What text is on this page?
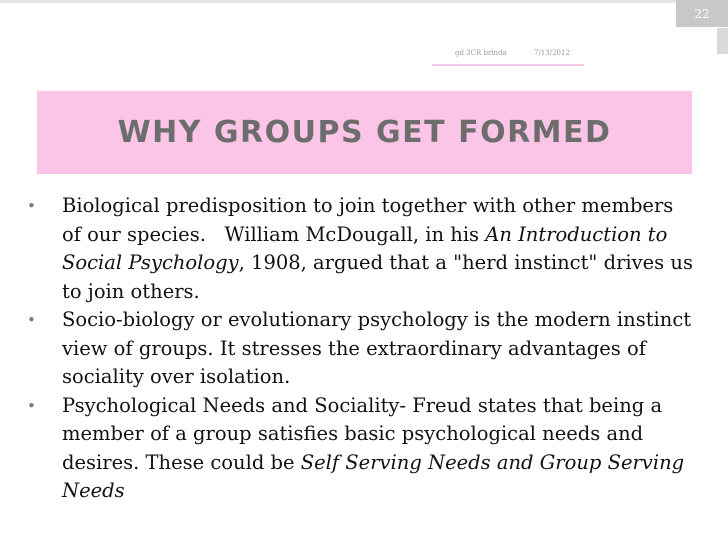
22
gd 3CR brinda	7/13/2012
WHY GROUPS GET FORMED
• Biological predisposition to join together with other members of our species.   William McDougall, in his An Introduction to Social Psychology, 1908, argued that a "herd instinct" drives us to join others.
• Socio-biology or evolutionary psychology is the modern instinct view of groups. It stresses the extraordinary advantages of sociality over isolation.
• Psychological Needs and Sociality- Freud states that being a member of a group satisfies basic psychological needs and desires. These could be Self Serving Needs and Group Serving Needs
